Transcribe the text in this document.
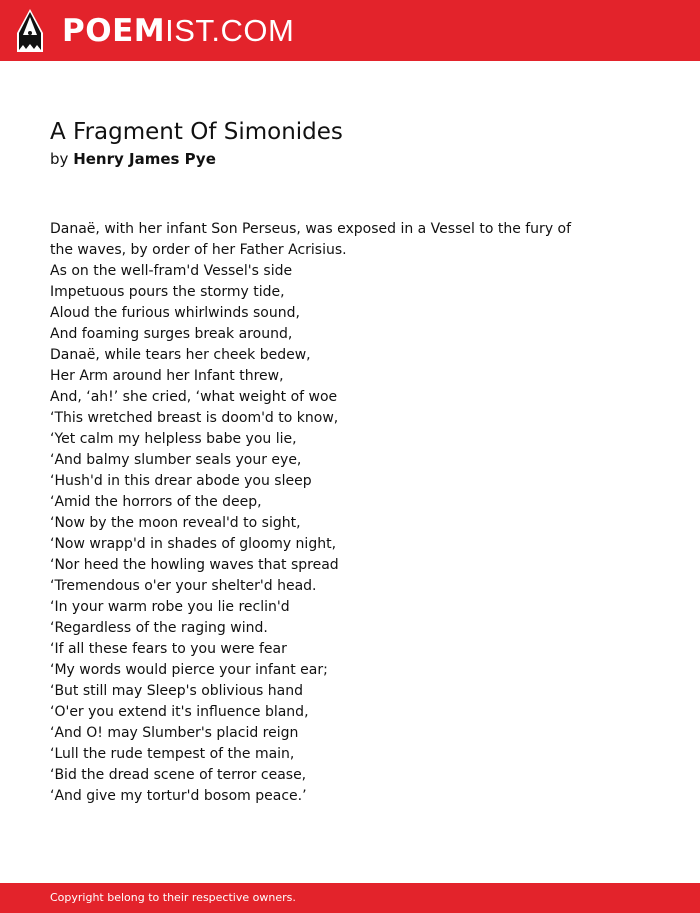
POEMIST.COM
A Fragment Of Simonides
by Henry James Pye
Danaë, with her infant Son Perseus, was exposed in a Vessel to the fury of
the waves, by order of her Father Acrisius.
As on the well-fram'd Vessel's side
Impetuous pours the stormy tide,
Aloud the furious whirlwinds sound,
And foaming surges break around,
Danaë, while tears her cheek bedew,
Her Arm around her Infant threw,
And, ‘ah!’ she cried, ‘what weight of woe
‘This wretched breast is doom'd to know,
‘Yet calm my helpless babe you lie,
‘And balmy slumber seals your eye,
‘Hush'd in this drear abode you sleep
‘Amid the horrors of the deep,
‘Now by the moon reveal'd to sight,
‘Now wrapp'd in shades of gloomy night,
‘Nor heed the howling waves that spread
‘Tremendous o'er your shelter'd head.
‘In your warm robe you lie reclin'd
‘Regardless of the raging wind.
‘If all these fears to you were fear
‘My words would pierce your infant ear;
‘But still may Sleep's oblivious hand
‘O'er you extend it's influence bland,
‘And O! may Slumber's placid reign
‘Lull the rude tempest of the main,
‘Bid the dread scene of terror cease,
‘And give my tortur'd bosom peace.’
Copyright belong to their respective owners.
